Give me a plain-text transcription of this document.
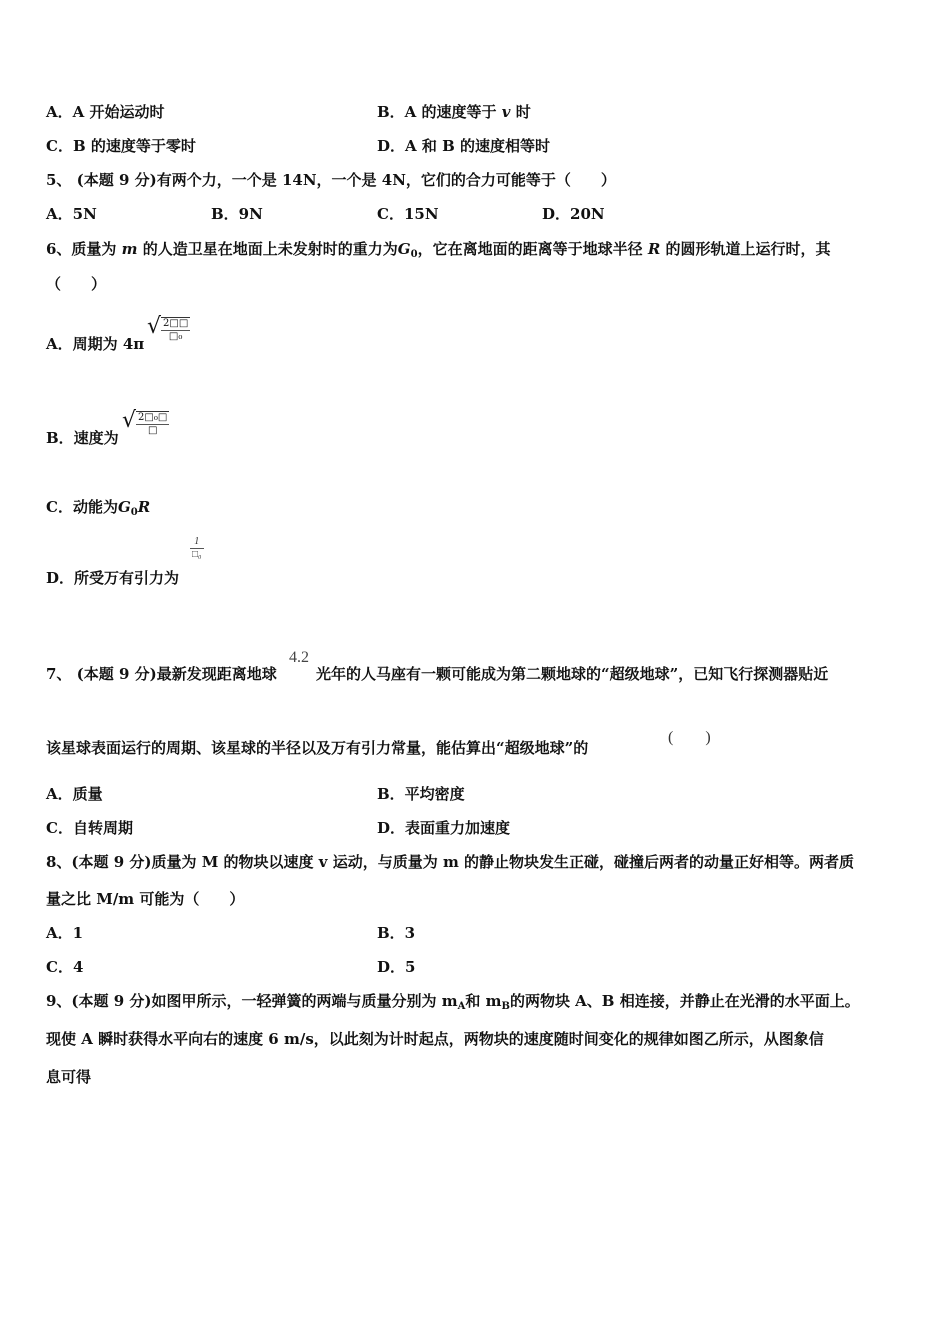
A．A 开始运动时	B．A 的速度等于 v 时
C．B 的速度等于零时	D．A 和 B 的速度相等时
5、 (本题 9 分)有两个力，一个是 14N，一个是 4N，它们的合力可能等于（　　）
A．5N	B．9N	C．15N	D．20N
6、质量为 m 的人造卫星在地面上未发射时的重力为$G_0$，它在离地面的距离等于地球半径 R 的圆形轨道上运行时，其
（　　）
A．周期为 4π
√ $\frac{2□□}{\text{□₀}}$
B．速度为
√ $\frac{\text{2□₀□}}{□}$
C．动能为$G_0R$
D．所受万有引力为
$\frac{1}{\text{□₀}}$
7、 (本题 9 分)最新发现距离地球
4.2
光年的人马座有一颗可能成为第二颗地球的“超级地球”，已知飞行探测器贴近
该星球表面运行的周期、该星球的半径以及万有引力常量，能估算出“超级地球”的
(　　)
A．质量	B．平均密度
C．自转周期	D．表面重力加速度
8、(本题 9 分)质量为 M 的物块以速度 v 运动，与质量为 m 的静止物块发生正碰，碰撞后两者的动量正好相等。两者质
量之比 M/m 可能为（　　）
A．1	B．3
C．4	D．5
9、(本题 9 分)如图甲所示，一轻弹簧的两端与质量分别为 $m_A$和 $m_B$的两物块 A、B 相连接，并静止在光滑的水平面上。
现使 A 瞬时获得水平向右的速度 6 m/s，以此刻为计时起点，两物块的速度随时间变化的规律如图乙所示，从图象信
息可得
